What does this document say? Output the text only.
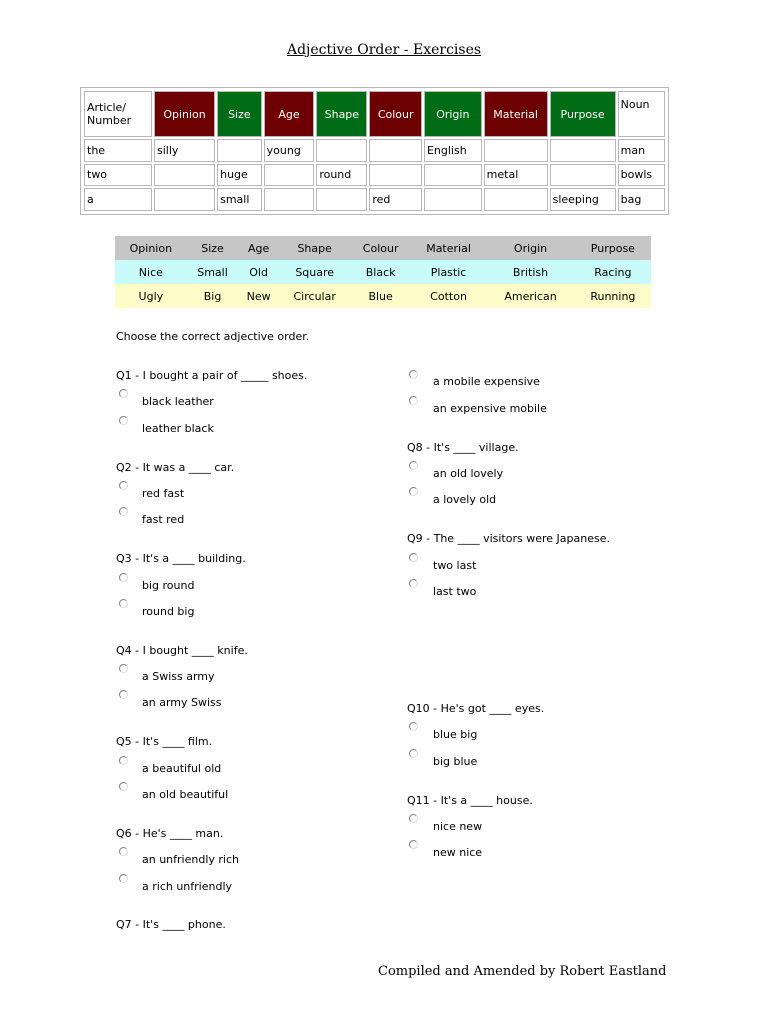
Adjective Order - Exercises
Article/ Number	Opinion	Size	Age	Shape	Colour	Origin	Material	Purpose	Noun
the	silly		young			English			man
two		huge		round			metal		bowls
a		small			red			sleeping	bag
Opinion	Size	Age	Shape	Colour	Material	Origin	Purpose
Nice	Small	Old	Square	Black	Plastic	British	Racing
Ugly	Big	New	Circular	Blue	Cotton	American	Running
Choose the correct adjective order.
Q1 - I bought a pair of _____ shoes.
black leather
leather black
Q2 - It was a ____ car.
red fast
fast red
Q3 - It's a ____ building.
big round
round big
Q4 - I bought ____ knife.
a Swiss army
an army Swiss
Q5 - It's ____ film.
a beautiful old
an old beautiful
Q6 - He's ____ man.
an unfriendly rich
a rich unfriendly
Q7 - It's ____ phone.
a mobile expensive
an expensive mobile
Q8 - It's ____ village.
an old lovely
a lovely old
Q9 - The ____ visitors were Japanese.
two last
last two
Q10 - He's got ____ eyes.
blue big
big blue
Q11 - It's a ____ house.
nice new
new nice
Compiled and Amended by Robert Eastland
